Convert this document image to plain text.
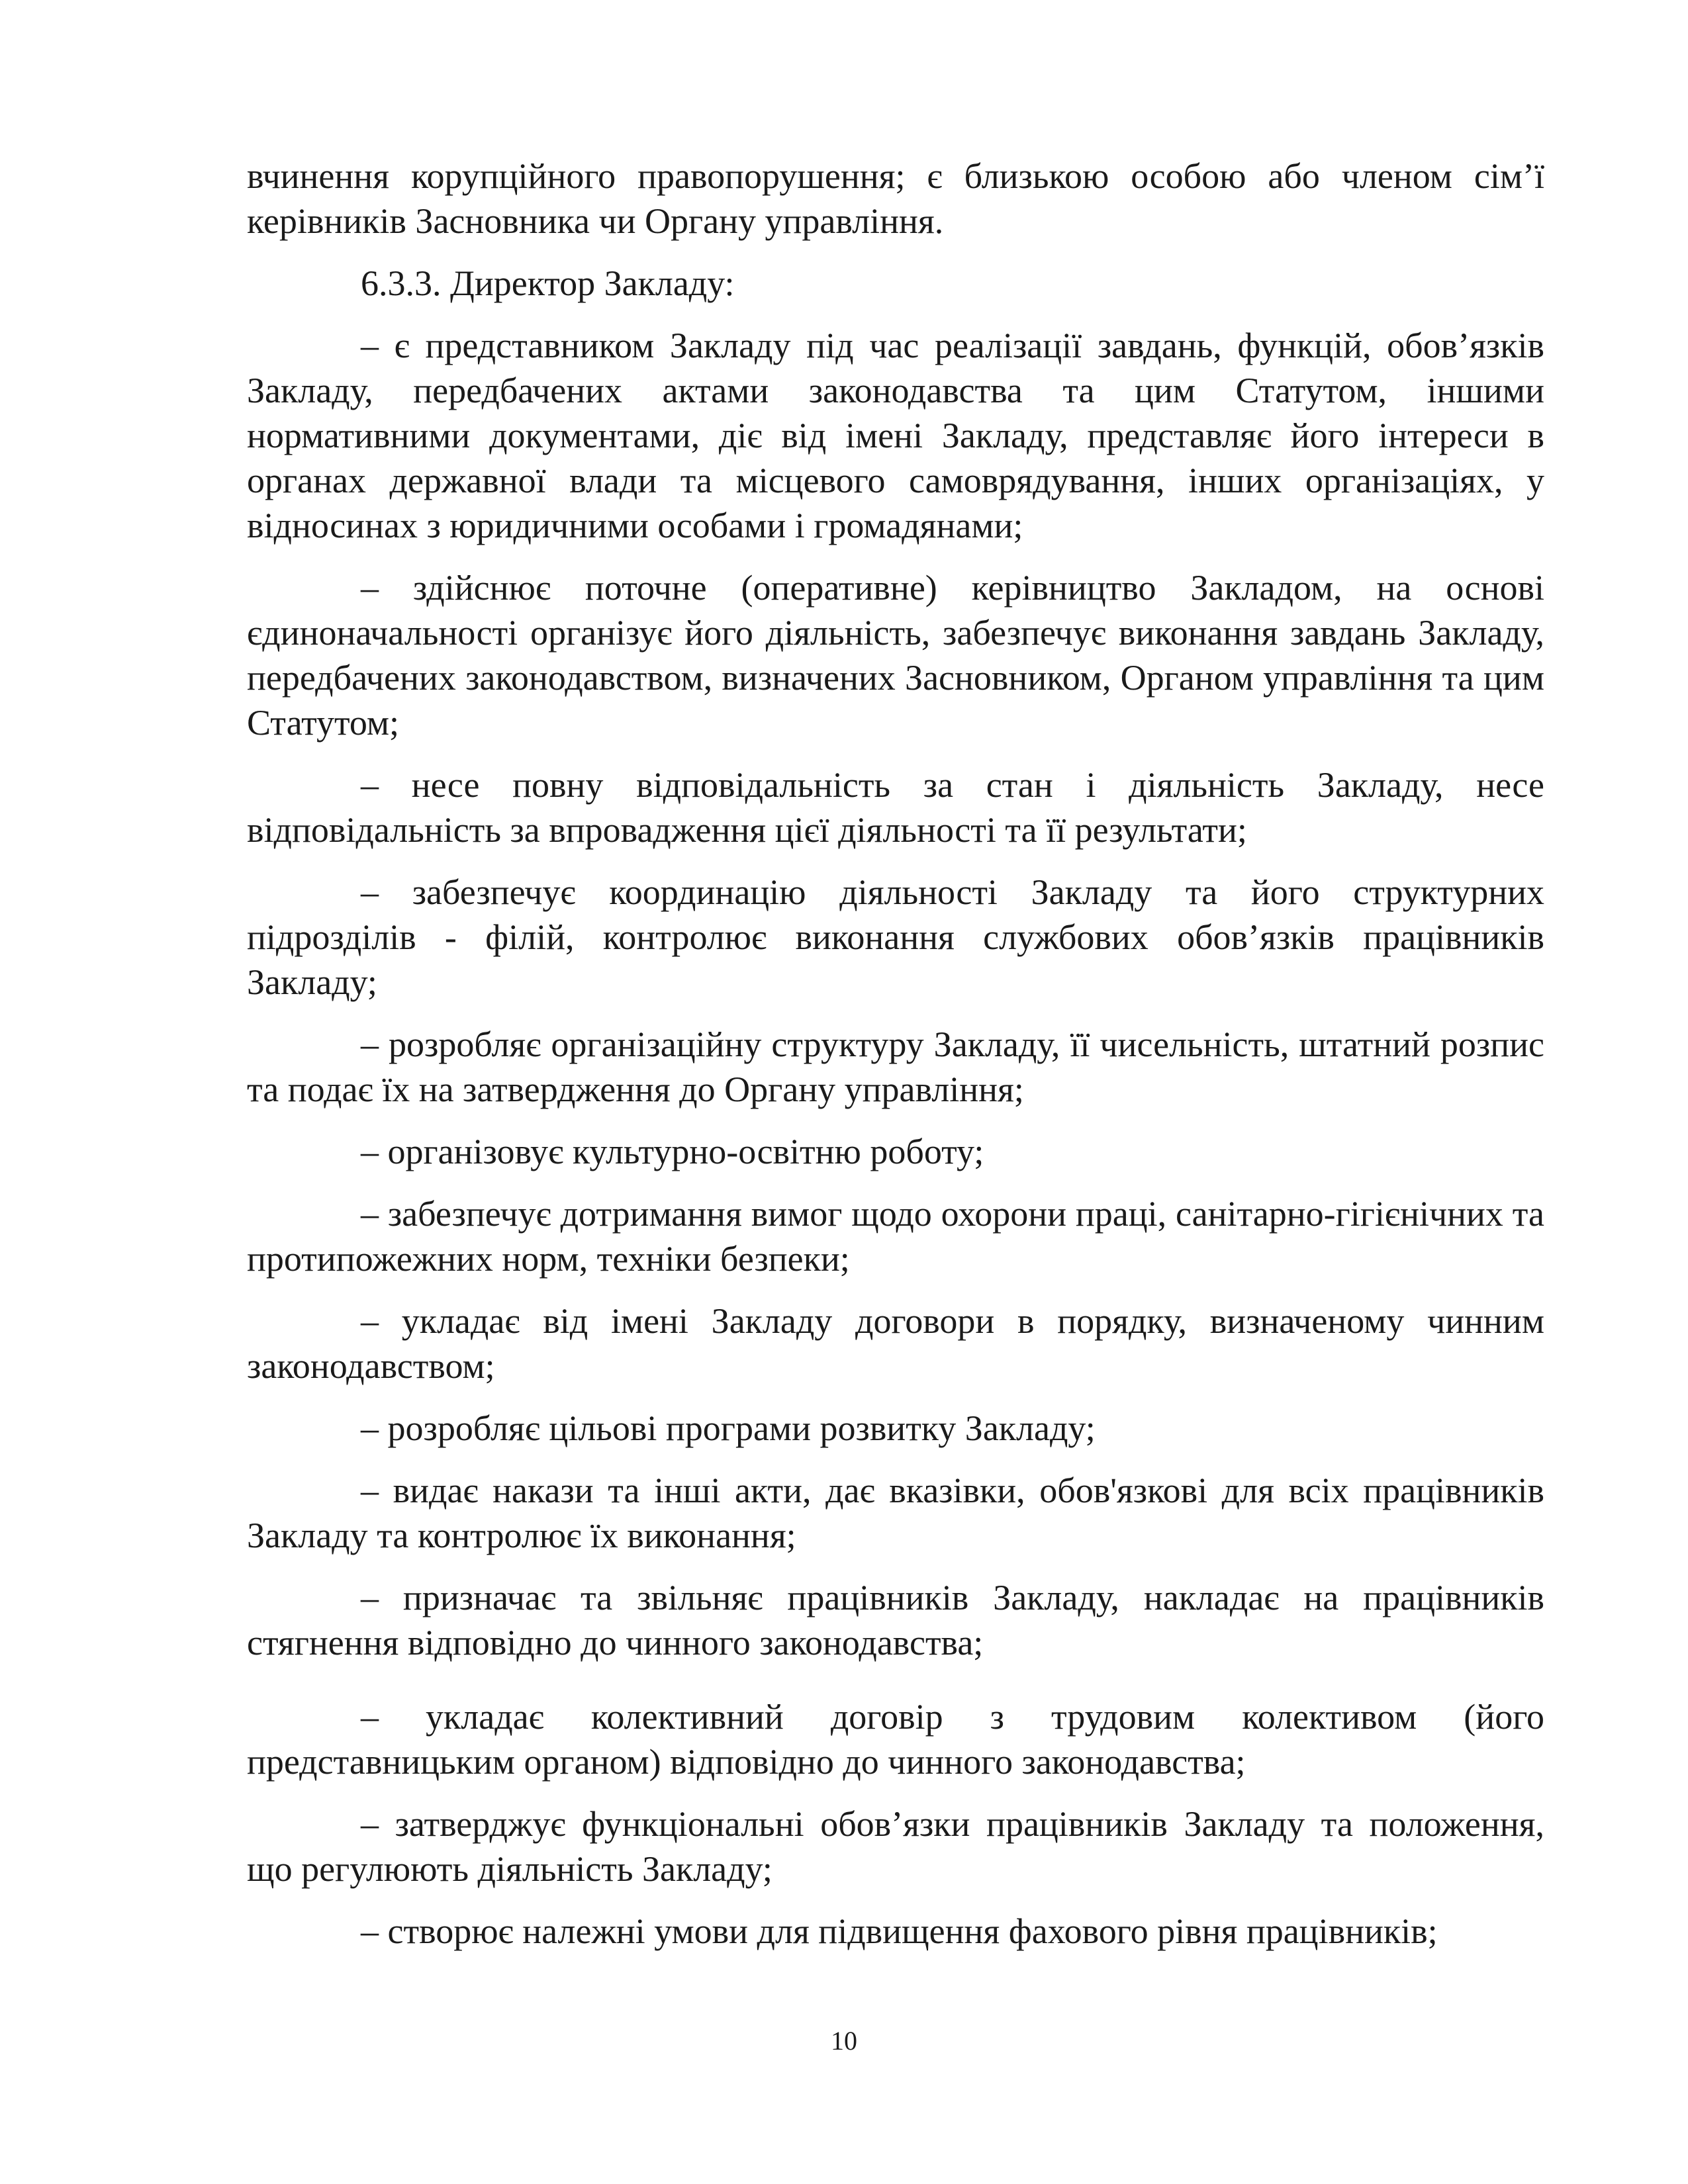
вчинення корупційного правопорушення; є близькою особою або членом сім’ї керівників Засновника чи Органу управління.

6.3.3. Директор Закладу:

– є представником Закладу під час реалізації завдань, функцій, обов’язків Закладу, передбачених актами законодавства та цим Статутом, іншими нормативними документами, діє від імені Закладу, представляє його інтереси в органах державної влади та місцевого самоврядування, інших організаціях, у відносинах з юридичними особами і громадянами;

– здійснює поточне (оперативне) керівництво Закладом, на основі єдиноначальності організує його діяльність, забезпечує виконання завдань Закладу, передбачених законодавством, визначених Засновником, Органом управління та цим Статутом;

– несе повну відповідальність за стан і діяльність Закладу, несе відповідальність за впровадження цієї діяльності та її результати;

– забезпечує координацію діяльності Закладу та його структурних підрозділів - філій, контролює виконання службових обов’язків працівників Закладу;

– розробляє організаційну структуру Закладу, її чисельність, штатний розпис та подає їх на затвердження до Органу управління;

– організовує культурно-освітню роботу;

– забезпечує дотримання вимог щодо охорони праці, санітарно-гігієнічних та протипожежних норм, техніки безпеки;

– укладає від імені Закладу договори в порядку, визначеному чинним законодавством;

– розробляє цільові програми розвитку Закладу;

– видає накази та інші акти, дає вказівки, обов'язкові для всіх працівників Закладу та контролює їх виконання;

– призначає та звільняє працівників Закладу, накладає на працівників стягнення відповідно до чинного законодавства;

– укладає колективний договір з трудовим колективом (його представницьким органом) відповідно до чинного законодавства;

– затверджує функціональні обов’язки працівників Закладу та положення, що регулюють діяльність Закладу;

– створює належні умови для підвищення фахового рівня працівників;

10
